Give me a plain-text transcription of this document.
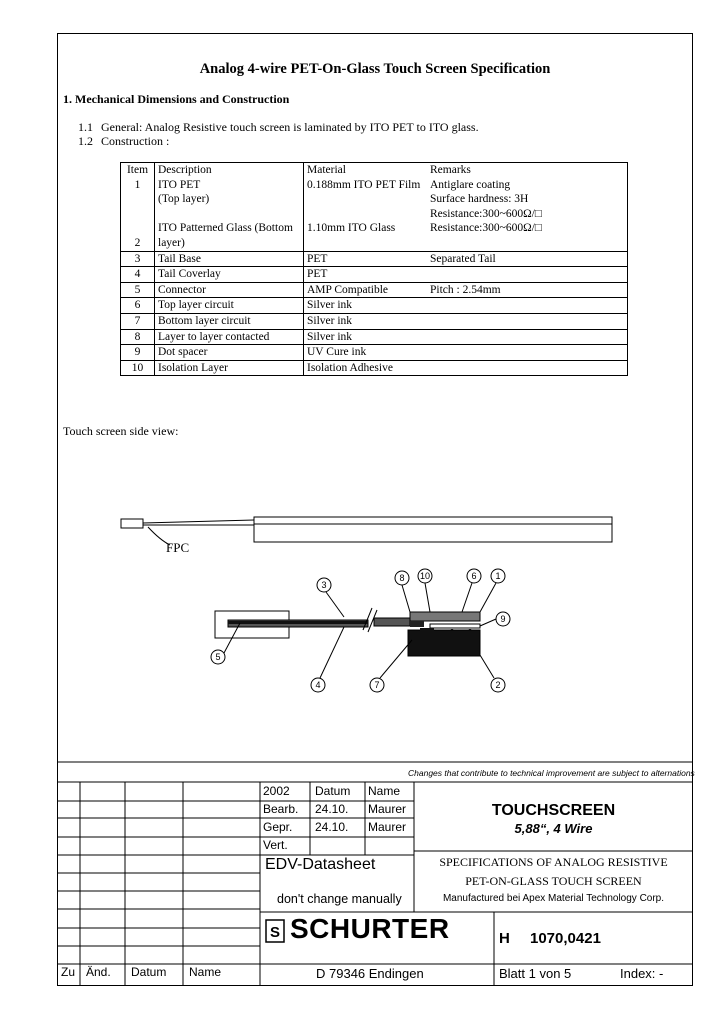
Analog 4-wire PET-On-Glass Touch Screen Specification
1. Mechanical Dimensions and Construction
1.1 General: Analog Resistive touch screen is laminated by ITO PET to ITO glass.
1.2 Construction :
Item	Description	Material	Remarks
1	ITO PET	0.188mm ITO PET Film	Antiglare coating
	(Top layer)		Surface hardness: 3H
			Resistance:300~600Ω/□
	ITO Patterned Glass (Bottom	1.10mm ITO Glass	Resistance:300~600Ω/□
2	layer)		
3	Tail Base	PET	Separated Tail
4	Tail Coverlay	PET	
5	Connector	AMP Compatible	Pitch : 2.54mm
6	Top layer circuit	Silver ink	
7	Bottom layer circuit	Silver ink	
8	Layer to layer contacted	Silver ink	
9	Dot spacer	UV Cure ink	
10	Isolation Layer	Isolation Adhesive	
Touch screen side view:
FPC
3
8 10	6 1
9
5
4	7	2
Changes that contribute to technical improvement are subject to alternations
2002 Datum Name
Bearb. 24.10. Maurer
Gepr. 24.10. Maurer
Vert.
EDV-Datasheet
don't change manually
TOUCHSCREEN
5,88“, 4 Wire
SPECIFICATIONS OF ANALOG RESISTIVE
PET-ON-GLASS TOUCH SCREEN
Manufactured bei Apex Material Technology Corp.
S SCHURTER	H 1070,0421
Zu Änd. Datum Name	D 79346 Endingen	Blatt 1 von 5	Index: -
